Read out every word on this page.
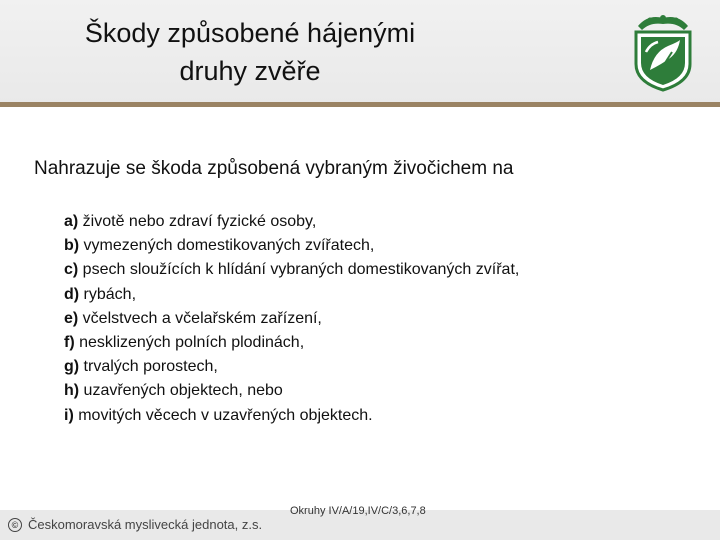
Škody způsobené hájenými
druhy zvěře
Nahrazuje se škoda způsobená vybraným živočichem na
a) životě nebo zdraví fyzické osoby,
b) vymezených domestikovaných zvířatech,
c) psech sloužících k hlídání vybraných domestikovaných zvířat,
d) rybách,
e) včelstvech a včelařském zařízení,
f) nesklizených polních plodinách,
g) trvalých porostech,
h) uzavřených objektech, nebo
i) movitých věcech v uzavřených objektech.
Okruhy IV/A/19,IV/C/3,6,7,8
© Českomoravská myslivecká jednota, z.s.
